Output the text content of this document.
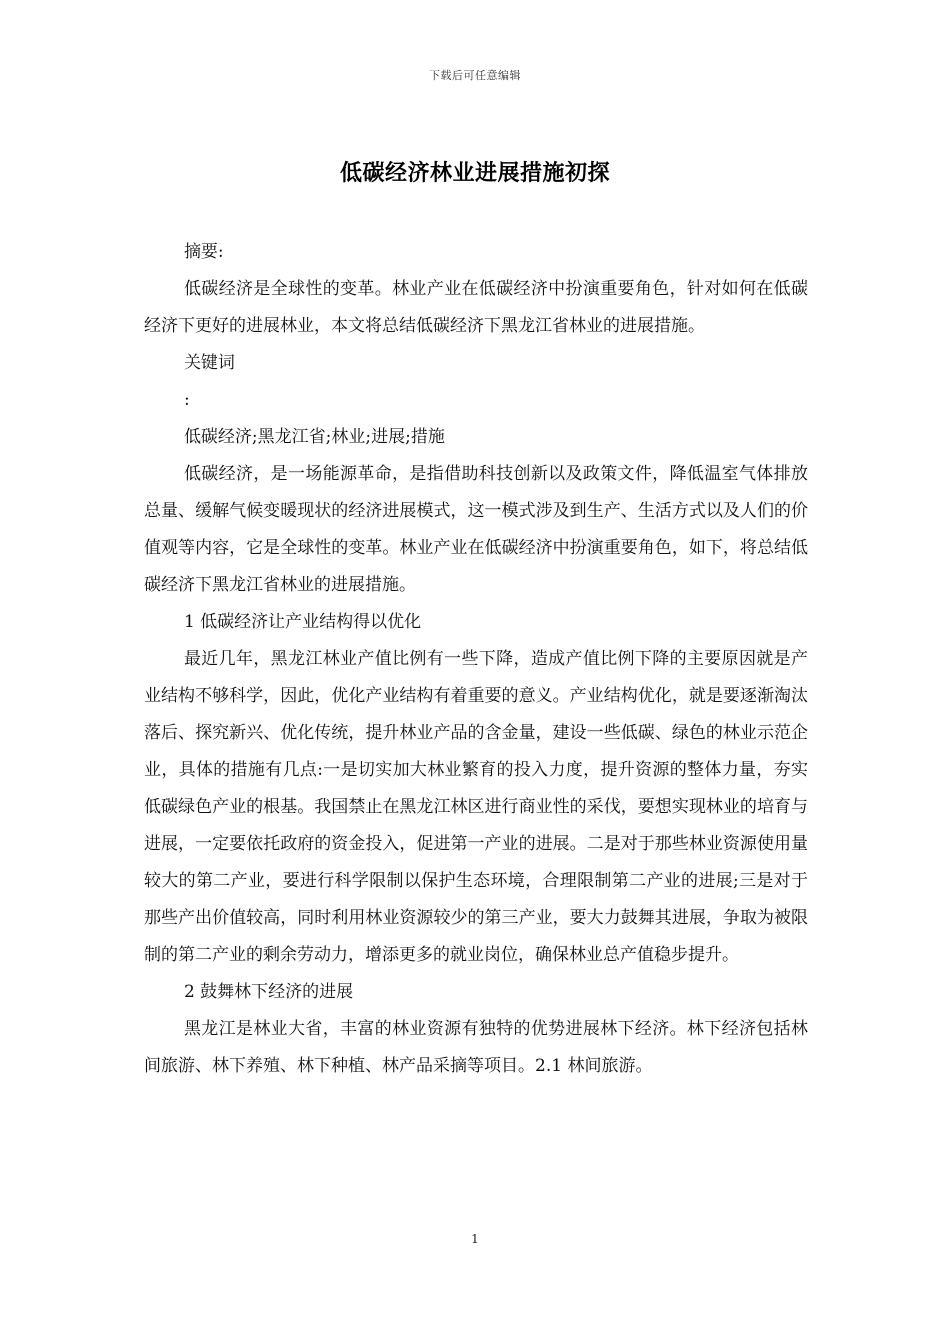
下载后可任意编辑
低碳经济林业进展措施初探

摘要:

低碳经济是全球性的变革。林业产业在低碳经济中扮演重要角色，针对如何在低碳经济下更好的进展林业，本文将总结低碳经济下黑龙江省林业的进展措施。

关键词

:

低碳经济;黑龙江省;林业;进展;措施

低碳经济，是一场能源革命，是指借助科技创新以及政策文件，降低温室气体排放总量、缓解气候变暖现状的经济进展模式，这一模式涉及到生产、生活方式以及人们的价值观等内容，它是全球性的变革。林业产业在低碳经济中扮演重要角色，如下，将总结低碳经济下黑龙江省林业的进展措施。

1 低碳经济让产业结构得以优化

最近几年，黑龙江林业产值比例有一些下降，造成产值比例下降的主要原因就是产业结构不够科学，因此，优化产业结构有着重要的意义。产业结构优化，就是要逐渐淘汰落后、探究新兴、优化传统，提升林业产品的含金量，建设一些低碳、绿色的林业示范企业，具体的措施有几点:一是切实加大林业繁育的投入力度，提升资源的整体力量，夯实低碳绿色产业的根基。我国禁止在黑龙江林区进行商业性的采伐，要想实现林业的培育与进展，一定要依托政府的资金投入，促进第一产业的进展。二是对于那些林业资源使用量较大的第二产业，要进行科学限制以保护生态环境，合理限制第二产业的进展;三是对于那些产出价值较高，同时利用林业资源较少的第三产业，要大力鼓舞其进展，争取为被限制的第二产业的剩余劳动力，增添更多的就业岗位，确保林业总产值稳步提升。

2 鼓舞林下经济的进展

黑龙江是林业大省，丰富的林业资源有独特的优势进展林下经济。林下经济包括林间旅游、林下养殖、林下种植、林产品采摘等项目。2.1 林间旅游。

1
